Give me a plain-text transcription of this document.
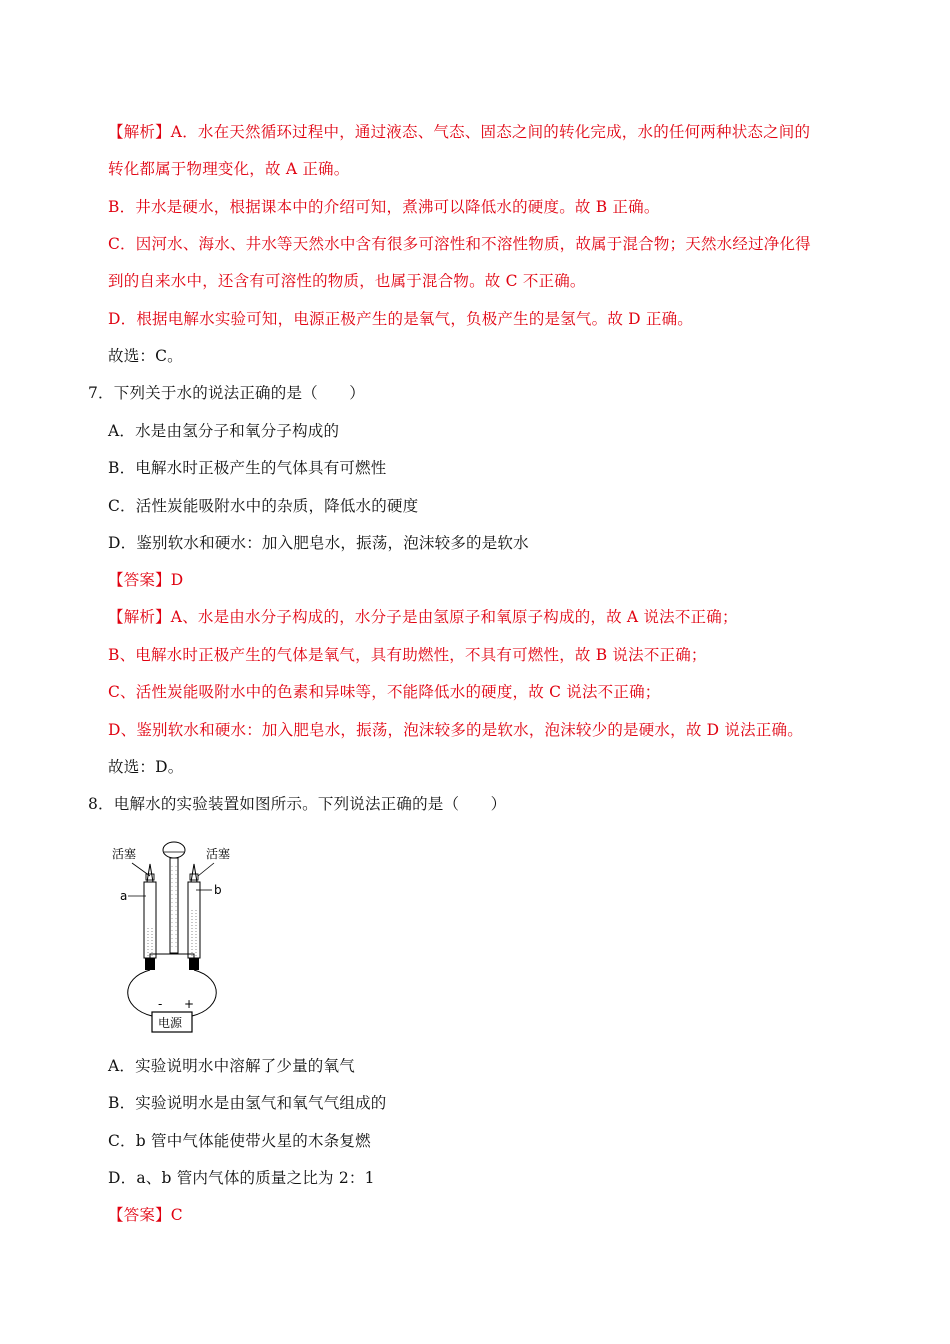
【解析】A．水在天然循环过程中，通过液态、气态、固态之间的转化完成，水的任何两种状态之间的
转化都属于物理变化，故 A 正确。
B．井水是硬水，根据课本中的介绍可知，煮沸可以降低水的硬度。故 B 正确。
C．因河水、海水、井水等天然水中含有很多可溶性和不溶性物质，故属于混合物；天然水经过净化得
到的自来水中，还含有可溶性的物质，也属于混合物。故 C 不正确。
D．根据电解水实验可知，电源正极产生的是氧气，负极产生的是氢气。故 D 正确。
故选：C。
7．下列关于水的说法正确的是（　　）
A．水是由氢分子和氧分子构成的
B．电解水时正极产生的气体具有可燃性
C．活性炭能吸附水中的杂质，降低水的硬度
D．鉴别软水和硬水：加入肥皂水，振荡，泡沫较多的是软水
【答案】D
【解析】A、水是由水分子构成的，水分子是由氢原子和氧原子构成的，故 A 说法不正确；
B、电解水时正极产生的气体是氧气，具有助燃性，不具有可燃性，故 B 说法不正确；
C、活性炭能吸附水中的色素和异味等，不能降低水的硬度，故 C 说法不正确；
D、鉴别软水和硬水：加入肥皂水，振荡，泡沫较多的是软水，泡沫较少的是硬水，故 D 说法正确。
故选：D。
8．电解水的实验装置如图所示。下列说法正确的是（　　）
活塞	活塞
a	b
- +
电源
A．实验说明水中溶解了少量的氧气
B．实验说明水是由氢气和氧气气组成的
C．b 管中气体能使带火星的木条复燃
D．a、b 管内气体的质量之比为 2：1
【答案】C
